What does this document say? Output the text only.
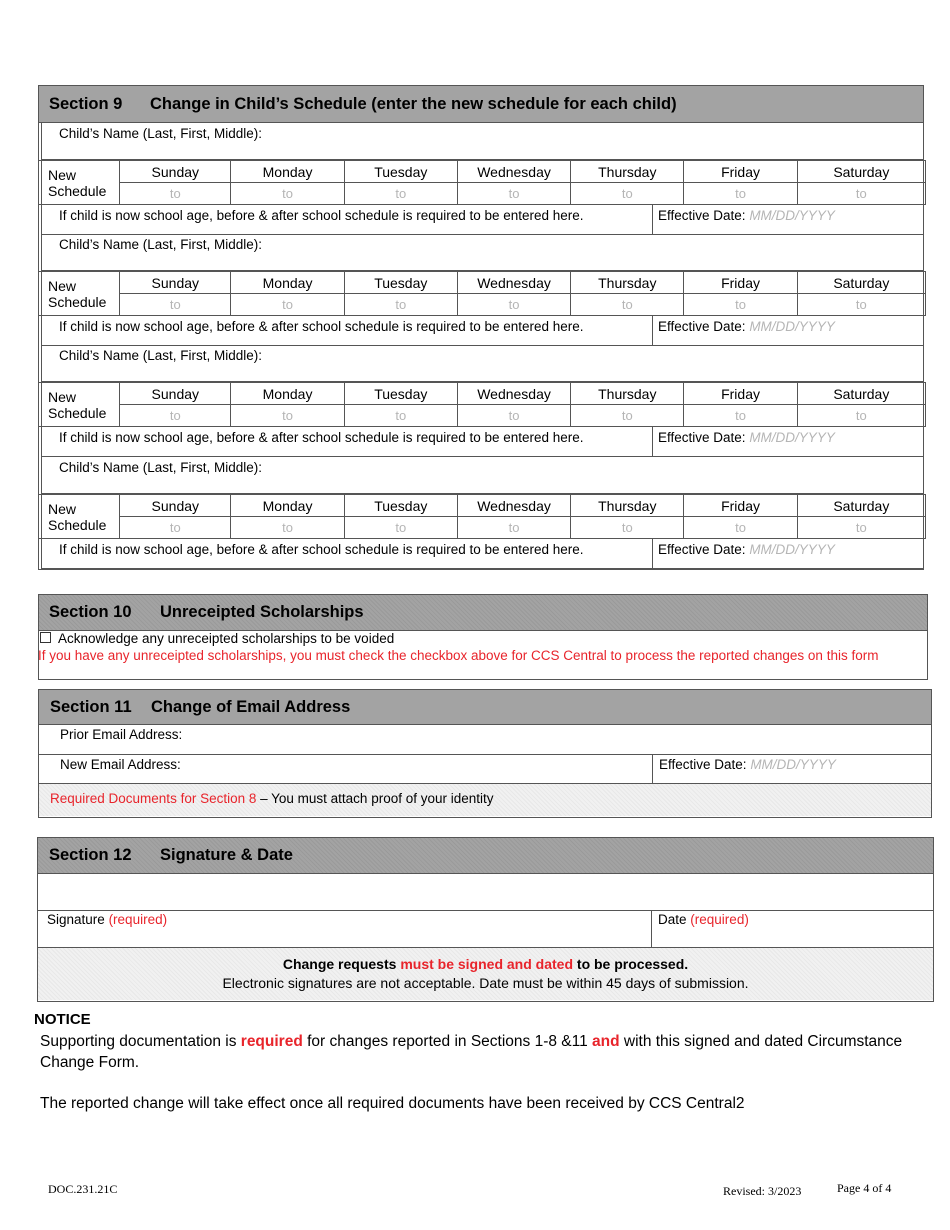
Section 9	Change in Child’s Schedule (enter the new schedule for each child)
Child’s Name (Last, First, Middle):
New
Schedule	Sunday	Monday	Tuesday	Wednesday	Thursday	Friday	Saturday
	to	to	to	to	to	to	to
If child is now school age, before & after school schedule is required to be entered here.	Effective Date: MM/DD/YYYY
Child’s Name (Last, First, Middle):
New
Schedule	Sunday	Monday	Tuesday	Wednesday	Thursday	Friday	Saturday
	to	to	to	to	to	to	to
If child is now school age, before & after school schedule is required to be entered here.	Effective Date: MM/DD/YYYY
Child’s Name (Last, First, Middle):
New
Schedule	Sunday	Monday	Tuesday	Wednesday	Thursday	Friday	Saturday
	to	to	to	to	to	to	to
If child is now school age, before & after school schedule is required to be entered here.	Effective Date: MM/DD/YYYY
Child’s Name (Last, First, Middle):
New
Schedule	Sunday	Monday	Tuesday	Wednesday	Thursday	Friday	Saturday
	to	to	to	to	to	to	to
If child is now school age, before & after school schedule is required to be entered here.	Effective Date: MM/DD/YYYY
Section 10	Unreceipted Scholarships
Acknowledge any unreceipted scholarships to be voided
If you have any unreceipted scholarships, you must check the checkbox above for CCS Central to process the reported changes on this form
Section 11	Change of Email Address
Prior Email Address:
New Email Address:	Effective Date: MM/DD/YYYY
Required Documents for Section 8 – You must attach proof of your identity
Section 12	Signature & Date
Signature (required)	Date (required)
Change requests must be signed and dated to be processed.
Electronic signatures are not acceptable. Date must be within 45 days of submission.
NOTICE
Supporting documentation is required for changes reported in Sections 1-8 &11 and with this signed and dated Circumstance Change Form.
The reported change will take effect once all required documents have been received by CCS Central2
DOC.231.21C	Revised: 3/2023	Page 4 of 4
